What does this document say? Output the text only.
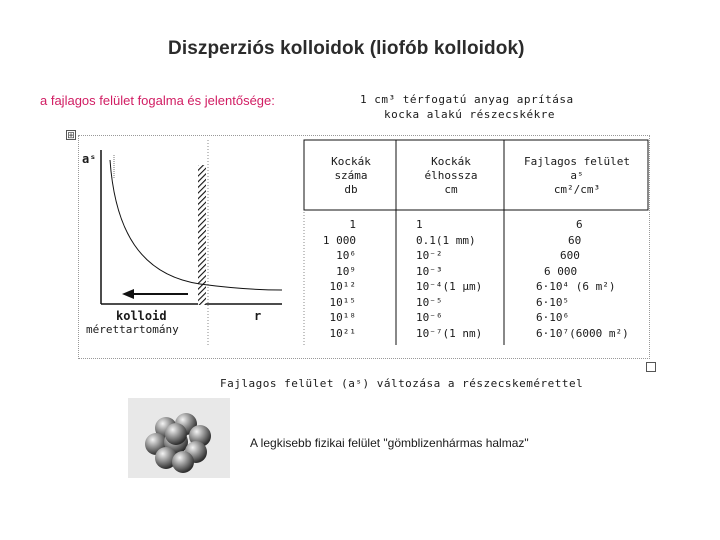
Diszperziós kolloidok (liofób kolloidok)
a fajlagos felület fogalma és jelentősége:	1 cm³ térfogatú anyag aprítása
kocka alakú részecskékre
⊞
aˢ
r
kolloid
mérettartomány
Kockák
száma
db
Kockák
élhossza
cm
Fajlagos felület
aˢ
cm²/cm³
1
1 000
10⁶
10⁹
10¹²
10¹⁵
10¹⁸
10²¹
1
0.1(1 mm)
10⁻²
10⁻³
10⁻⁴(1 μm)
10⁻⁵
10⁻⁶
10⁻⁷(1 nm)
6
60
600
6 000
6·10⁴ (6 m²)
6·10⁵
6·10⁶
6·10⁷(6000 m²)
Fajlagos felület (aˢ) változása a részecskemérettel
A legkisebb fizikai felület "gömblizenhármas halmaz"
